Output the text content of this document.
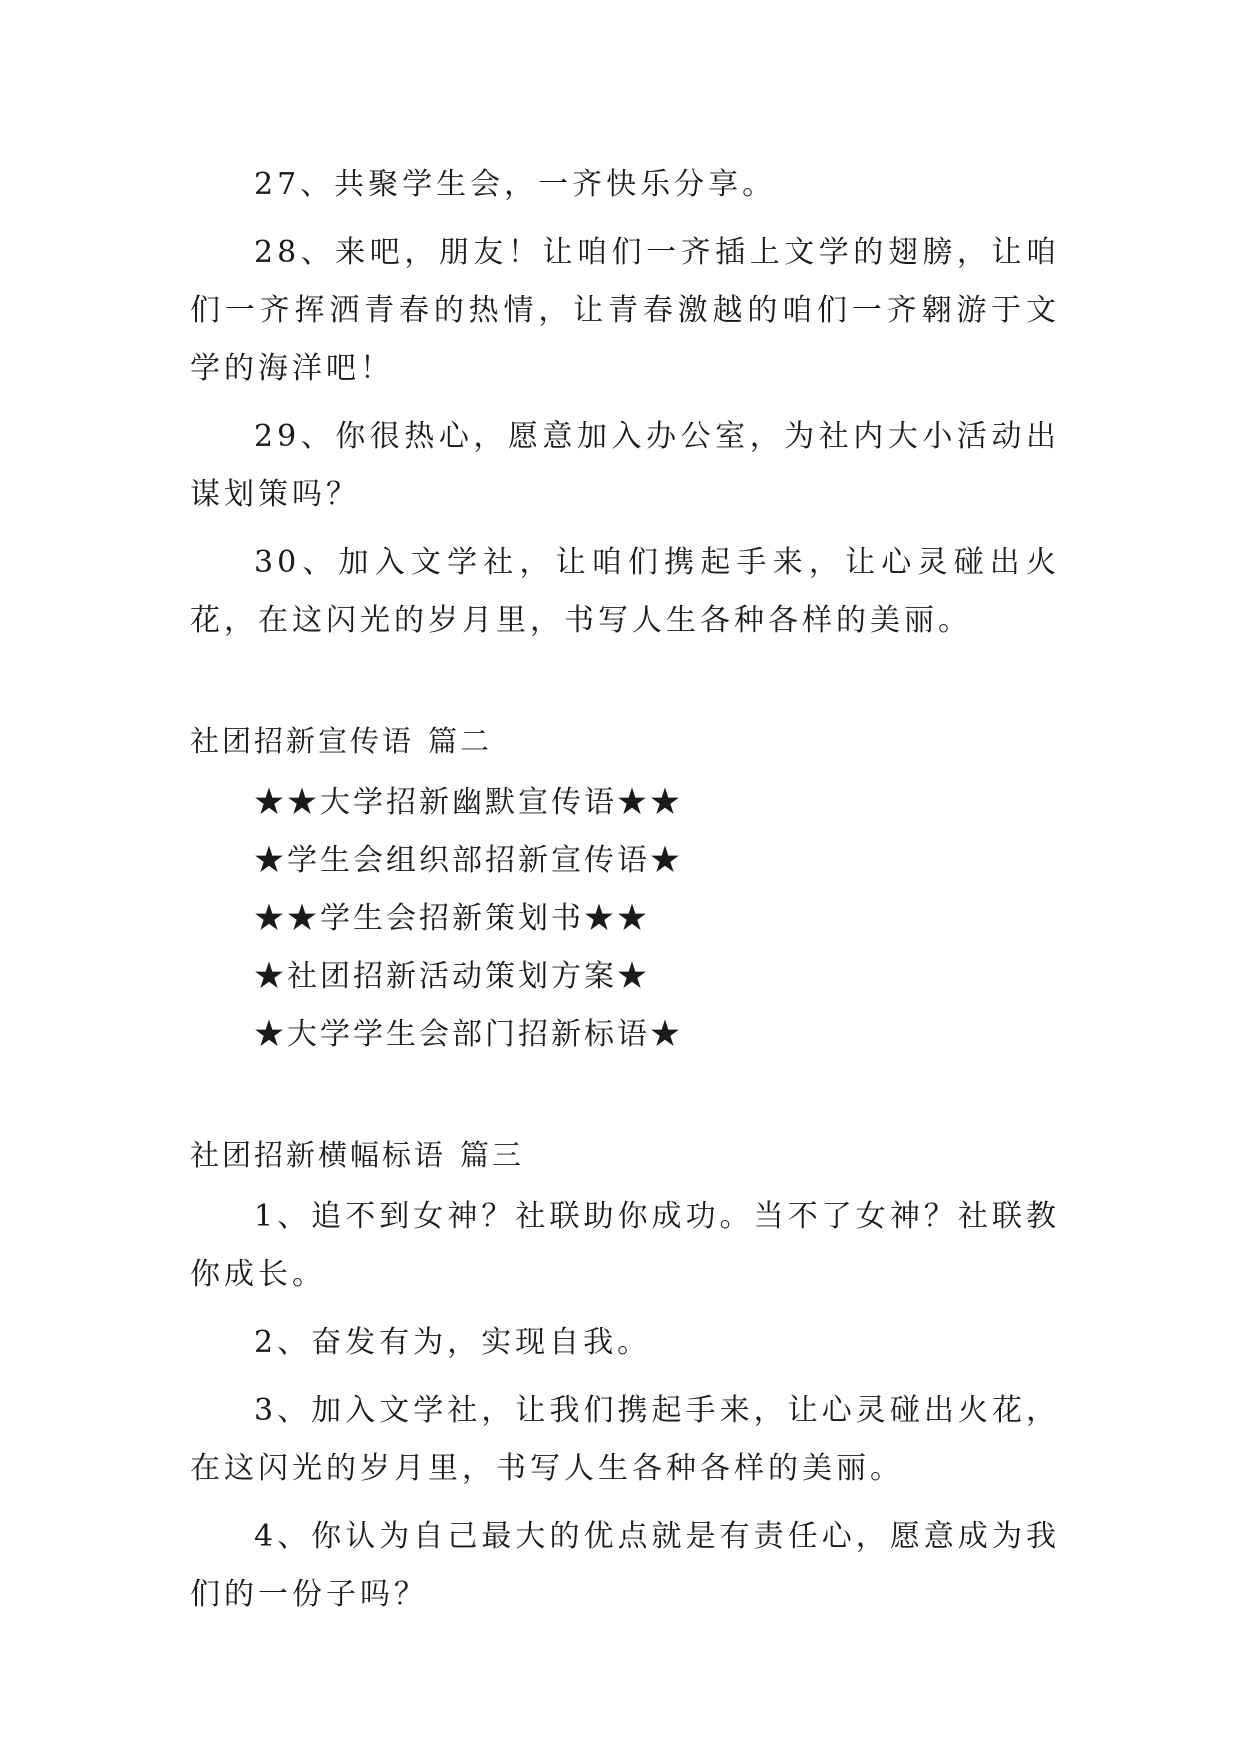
27、共聚学生会，一齐快乐分享。

28、来吧，朋友！让咱们一齐插上文学的翅膀，让咱们一齐挥洒青春的热情，让青春激越的咱们一齐翱游于文学的海洋吧！

29、你很热心，愿意加入办公室，为社内大小活动出谋划策吗？

30、加入文学社，让咱们携起手来，让心灵碰出火花，在这闪光的岁月里，书写人生各种各样的美丽。

社团招新宣传语 篇二
★★大学招新幽默宣传语★★
★学生会组织部招新宣传语★
★★学生会招新策划书★★
★社团招新活动策划方案★
★大学学生会部门招新标语★
社团招新横幅标语 篇三

1、追不到女神？社联助你成功。当不了女神？社联教你成长。

2、奋发有为，实现自我。

3、加入文学社，让我们携起手来，让心灵碰出火花，在这闪光的岁月里，书写人生各种各样的美丽。

4、你认为自己最大的优点就是有责任心，愿意成为我们的一份子吗？
